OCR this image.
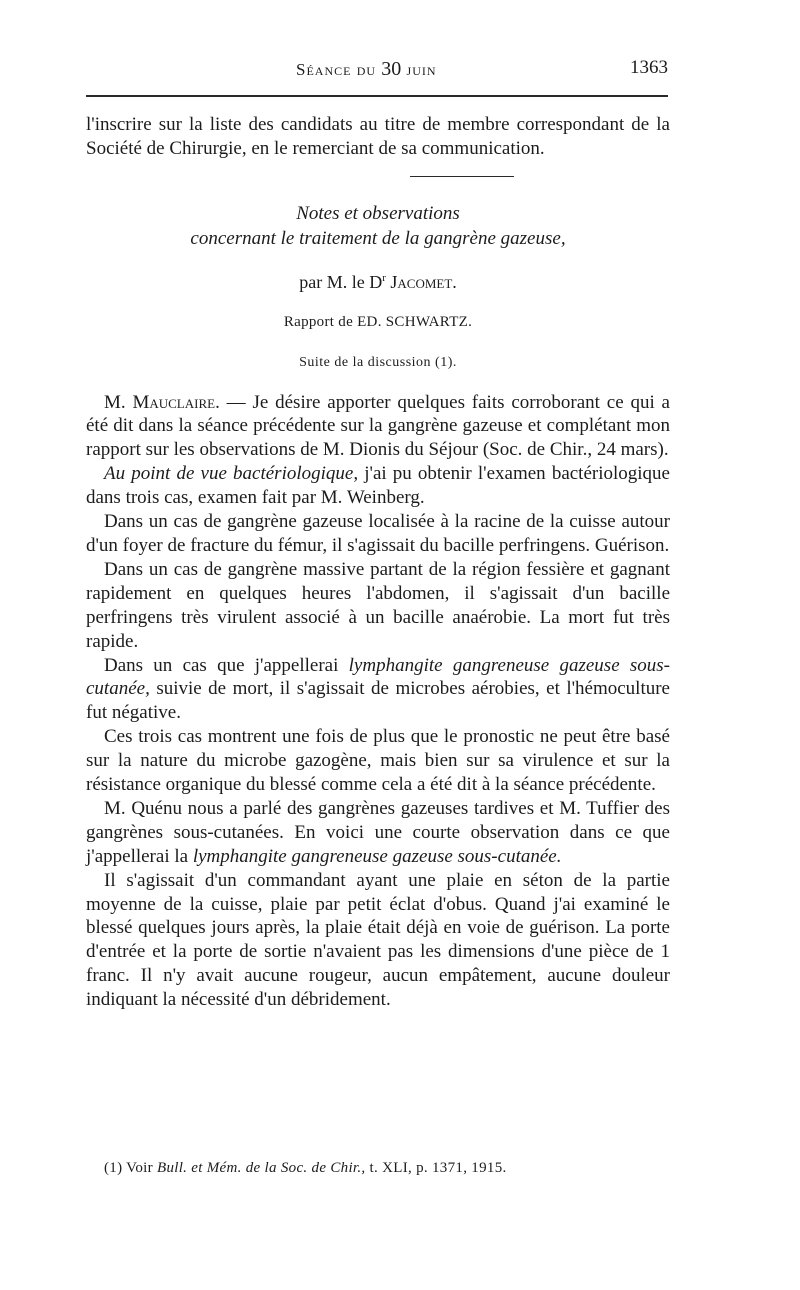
Séance du 30 juin	1363

l'inscrire sur la liste des candidats au titre de membre correspondant de la Société de Chirurgie, en le remerciant de sa communication.

Notes et observations
concernant le traitement de la gangrène gazeuse,
par M. le $D^r$ Jacomet.
Rapport de ED. SCHWARTZ.
Suite de la discussion (1).

M. Mauclaire. — Je désire apporter quelques faits corroborant ce qui a été dit dans la séance précédente sur la gangrène gazeuse et complétant mon rapport sur les observations de M. Dionis du Séjour (Soc. de Chir., 24 mars).

Au point de vue bactériologique, j'ai pu obtenir l'examen bactériologique dans trois cas, examen fait par M. Weinberg.

Dans un cas de gangrène gazeuse localisée à la racine de la cuisse autour d'un foyer de fracture du fémur, il s'agissait du bacille perfringens. Guérison.

Dans un cas de gangrène massive partant de la région fessière et gagnant rapidement en quelques heures l'abdomen, il s'agissait d'un bacille perfringens très virulent associé à un bacille anaérobie. La mort fut très rapide.

Dans un cas que j'appellerai lymphangite gangreneuse gazeuse sous-cutanée, suivie de mort, il s'agissait de microbes aérobies, et l'hémoculture fut négative.

Ces trois cas montrent une fois de plus que le pronostic ne peut être basé sur la nature du microbe gazogène, mais bien sur sa virulence et sur la résistance organique du blessé comme cela a été dit à la séance précédente.

M. Quénu nous a parlé des gangrènes gazeuses tardives et M. Tuffier des gangrènes sous-cutanées. En voici une courte observation dans ce que j'appellerai la lymphangite gangreneuse gazeuse sous-cutanée.

Il s'agissait d'un commandant ayant une plaie en séton de la partie moyenne de la cuisse, plaie par petit éclat d'obus. Quand j'ai examiné le blessé quelques jours après, la plaie était déjà en voie de guérison. La porte d'entrée et la porte de sortie n'avaient pas les dimensions d'une pièce de 1 franc. Il n'y avait aucune rougeur, aucun empâtement, aucune douleur indiquant la nécessité d'un débridement.

(1) Voir Bull. et Mém. de la Soc. de Chir., t. XLI, p. 1371, 1915.
